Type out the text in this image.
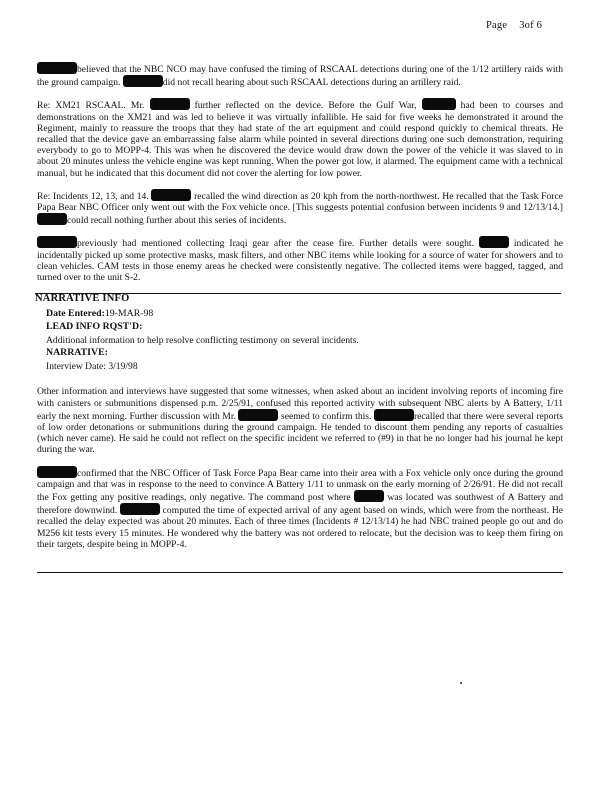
Page 3of 6

believed that the NBC NCO may have confused the timing of RSCAAL detections during one of the 1/12 artillery raids with the ground campaign.	did not recall hearing about such RSCAAL detections during an artillery raid.

Re: XM21 RSCAAL. Mr.	further reflected on the device. Before the Gulf War,	had been to courses and demonstrations on the XM21 and was led to believe it was virtually infallible. He said for five weeks he demonstrated it around the Regiment, mainly to reassure the troops that they had state of the art equipment and could respond quickly to chemical threats. He recalled that the device gave an embarrassing false alarm while pointed in several directions during one such demonstration, requiring everybody to go to MOPP-4. This was when he discovered the device would draw down the power of the vehicle it was slaved to in about 20 minutes unless the vehicle engine was kept running. When the power got low, it alarmed. The equipment came with a technical manual, but he indicated that this document did not cover the alerting for low power.

Re: Incidents 12, 13, and 14.	recalled the wind direction as 20 kph from the north-northwest. He recalled that the Task Force Papa Bear NBC Officer only went out with the Fox vehicle once. [This suggests potential confusion between incidents 9 and 12/13/14.]could recall nothing further about this series of incidents.

previously had mentioned collecting Iraqi gear after the cease fire. Further details were sought.	indicated he incidentally picked up some protective masks, mask filters, and other NBC items while looking for a source of water for showers and to clean vehicles. CAM tests in those enemy areas he checked were consistently negative. The collected items were bagged, tagged, and turned over to the unit S-2.

NARRATIVE INFO
Date Entered:19-MAR-98
LEAD INFO RQST'D:

Additional information to help resolve conflicting testimony on several incidents.

NARRATIVE:

Interview Date: 3/19/98

Other information and interviews have suggested that some witnesses, when asked about an incident involving reports of incoming fire with canisters or submunitions dispensed p.m. 2/25/91, confused this reported activity with subsequent NBC alerts by A Battery, 1/11 early the next morning. Further discussion with Mr.	seemed to confirm this.	recalled that there were several reports of low order detonations or submunitions during the ground campaign. He tended to discount them pending any reports of casualties (which never came). He said he could not reflect on the specific incident we referred to (#9) in that he no longer had his journal he kept during the war.

confirmed that the NBC Officer of Task Force Papa Bear came into their area with a Fox vehicle only once during the ground campaign and that was in response to the need to convince A Battery 1/11 to unmask on the early morning of 2/26/91. He did not recall the Fox getting any positive readings, only negative. The command post where	was located was southwest of A Battery and therefore downwind.	computed the time of expected arrival of any agent based on winds, which were from the northeast. He recalled the delay expected was about 20 minutes. Each of three times (Incidents # 12/13/14) he had NBC trained people go out and do M256 kit tests every 15 minutes. He wondered why the battery was not ordered to relocate, but the decision was to keep them firing on their targets, despite being in MOPP-4.
